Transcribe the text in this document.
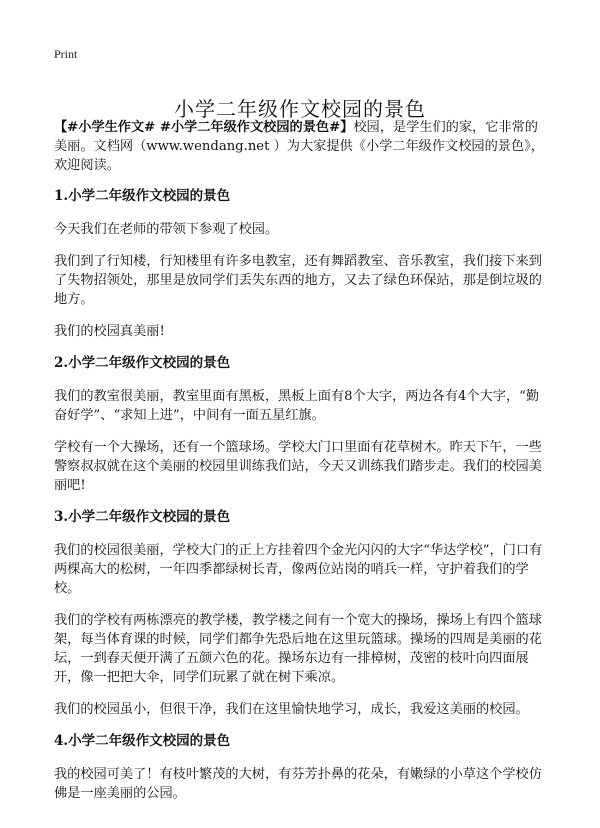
Print
小学二年级作文校园的景色

【#小学生作文# #小学二年级作文校园的景色#】校园，是学生们的家，它非常的美丽。文档网（www.wendang.net ）为大家提供《小学二年级作文校园的景色》，欢迎阅读。

1.小学二年级作文校园的景色

今天我们在老师的带领下参观了校园。

我们到了行知楼，行知楼里有许多电教室，还有舞蹈教室、音乐教室，我们接下来到了失物招领处，那里是放同学们丢失东西的地方，又去了绿色环保站，那是倒垃圾的地方。

我们的校园真美丽!

2.小学二年级作文校园的景色

我们的教室很美丽，教室里面有黑板，黑板上面有8个大字，两边各有4个大字，“勤奋好学”、“求知上进”，中间有一面五星红旗。

学校有一个大操场，还有一个篮球场。学校大门口里面有花草树木。昨天下午，一些警察叔叔就在这个美丽的校园里训练我们站，今天又训练我们踏步走。我们的校园美丽吧!

3.小学二年级作文校园的景色

我们的校园很美丽，学校大门的正上方挂着四个金光闪闪的大字“华达学校”，门口有两棵高大的松树，一年四季都绿树长青，像两位站岗的哨兵一样，守护着我们的学校。

我们的学校有两栋漂亮的教学楼，教学楼之间有一个宽大的操场，操场上有四个篮球架，每当体育课的时候，同学们都争先恐后地在这里玩篮球。操场的四周是美丽的花坛，一到春天便开满了五颜六色的花。操场东边有一排樟树，茂密的枝叶向四面展开，像一把把大伞，同学们玩累了就在树下乘凉。

我们的校园虽小，但很干净，我们在这里愉快地学习，成长，我爱这美丽的校园。

4.小学二年级作文校园的景色

我的校园可美了！有枝叶繁茂的大树，有芬芳扑鼻的花朵，有嫩绿的小草这个学校仿佛是一座美丽的公园。
